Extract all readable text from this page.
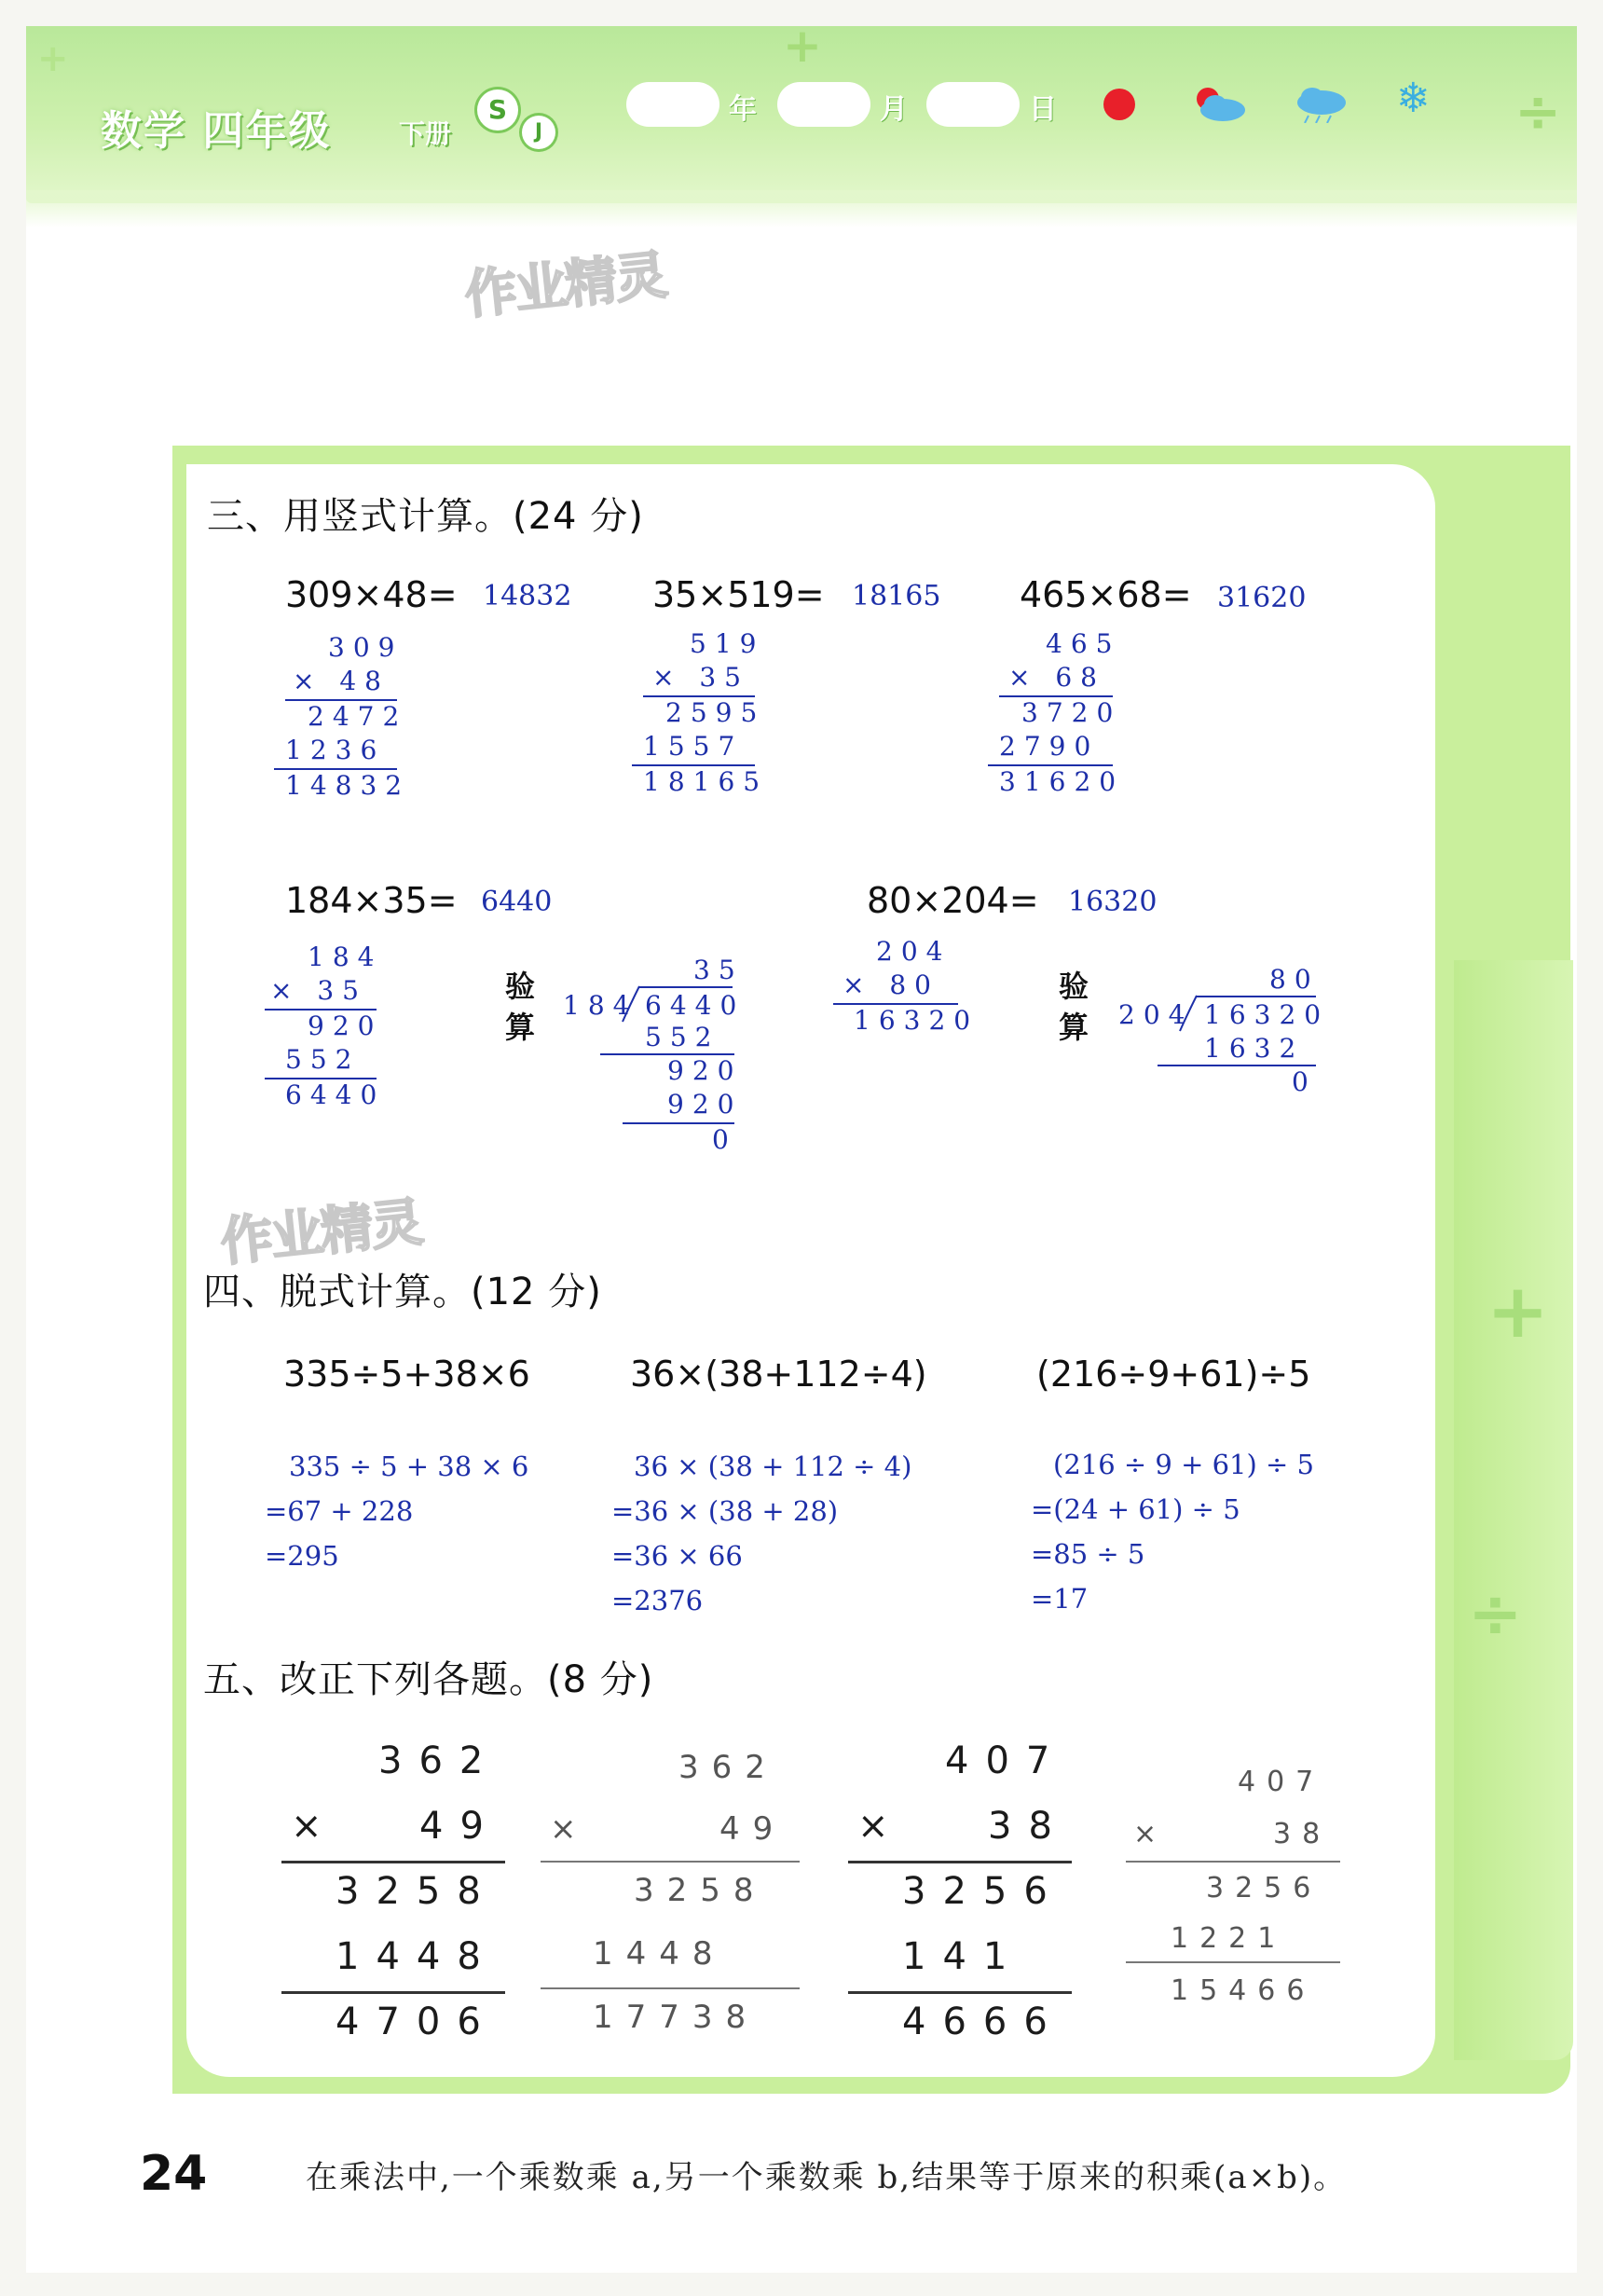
+	+
÷
数学 四年级	下册
S
J
年	月	日	❄
作业精灵
+
÷
三、用竖式计算。(24 分)
309×48= 14832
309
× 48
2472
1236
14832
35×519= 18165
519
× 35
2595
1557
18165
465×68= 31620
465
× 68
3720
2790
31620
184×35= 6440
184
× 35
920
552
6440
验算
35
184 6440
552
920
920
0
80×204= 16320
204
× 80
16320
验算
80
204 16320
1632
0
作业精灵
四、脱式计算。(12 分)
335÷5+38×6	36×(38+112÷4)	(216÷9+61)÷5
335 ÷ 5 + 38 × 6
=67 + 228
=295
36 × (38 + 112 ÷ 4)
=36 × (38 + 28)
=36 × 66
=2376
(216 ÷ 9 + 61) ÷ 5
=(24 + 61) ÷ 5
=85 ÷ 5
=17
五、改正下列各题。(8 分)
362
× 49
3258
1448
4706
362
×	49
3258
1448
17738
407
× 38
3256
141
4666
407
×	38
3256
1221
15466
24	在乘法中,一个乘数乘 a,另一个乘数乘 b,结果等于原来的积乘(a×b)。
